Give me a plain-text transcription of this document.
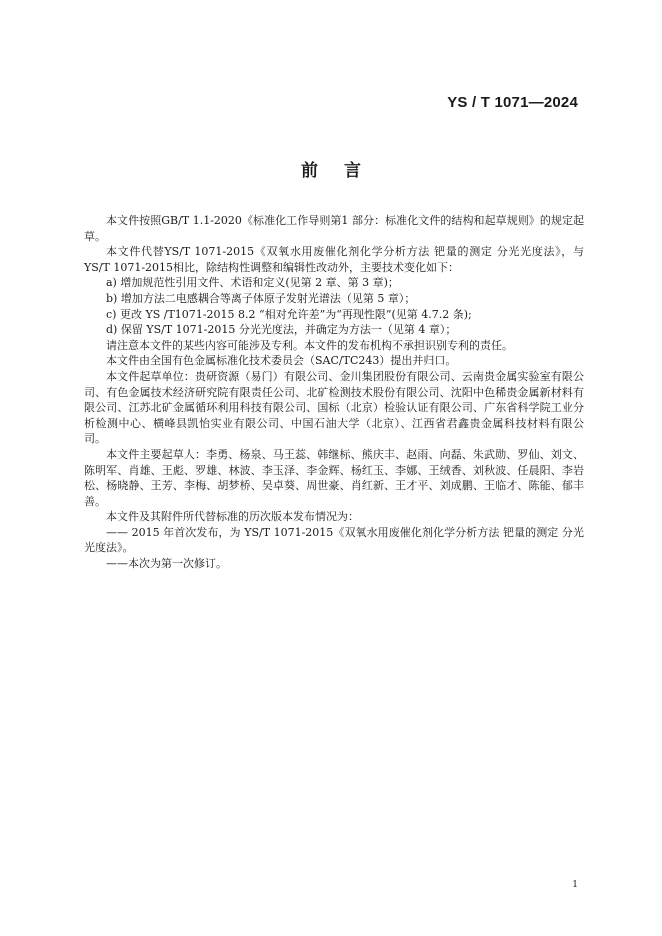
YS / T 1071—2024
前言

本文件按照GB/T 1.1-2020《标准化工作导则第1 部分：标准化文件的结构和起草规则》的规定起草。

本文件代替YS/T 1071-2015《双氧水用废催化剂化学分析方法 钯量的测定 分光光度法》，与YS/T 1071-2015相比，除结构性调整和编辑性改动外，主要技术变化如下：

a) 增加规范性引用文件、术语和定义(见第 2 章、第 3 章)；

b) 增加方法二电感耦合等离子体原子发射光谱法（见第 5 章）；

c) 更改 YS /T1071-2015 8.2 “相对允许差”为“再现性限”(见第 4.7.2 条);

d) 保留 YS/T 1071-2015 分光光度法，并确定为方法一（见第 4 章）；

请注意本文件的某些内容可能涉及专利。本文件的发布机构不承担识别专利的责任。

本文件由全国有色金属标准化技术委员会（SAC/TC243）提出并归口。

本文件起草单位：贵研资源（易门）有限公司、金川集团股份有限公司、云南贵金属实验室有限公司、有色金属技术经济研究院有限责任公司、北矿检测技术股份有限公司、沈阳中色稀贵金属新材料有限公司、江苏北矿金属循环利用科技有限公司、国标（北京）检验认证有限公司、广东省科学院工业分析检测中心、横峰县凯怡实业有限公司、中国石油大学（北京）、江西省君鑫贵金属科技材料有限公司。

本文件主要起草人：李勇、杨泉、马王蕊、韩继标、熊庆丰、赵雨、向磊、朱武勋、罗仙、刘文、陈明军、肖雄、王彪、罗雄、林波、李玉泽、李金辉、杨红玉、李娜、王绒香、刘秋波、任晨阳、李岩松、杨晓静、王芳、李梅、胡梦桥、吴卓葵、周世豪、肖红新、王才平、刘成鹏、王临才、陈能、郁丰善。

本文件及其附件所代替标准的历次版本发布情况为：

—— 2015 年首次发布，为 YS/T 1071-2015《双氧水用废催化剂化学分析方法 钯量的测定 分光光度法》。

——本次为第一次修订。

1
